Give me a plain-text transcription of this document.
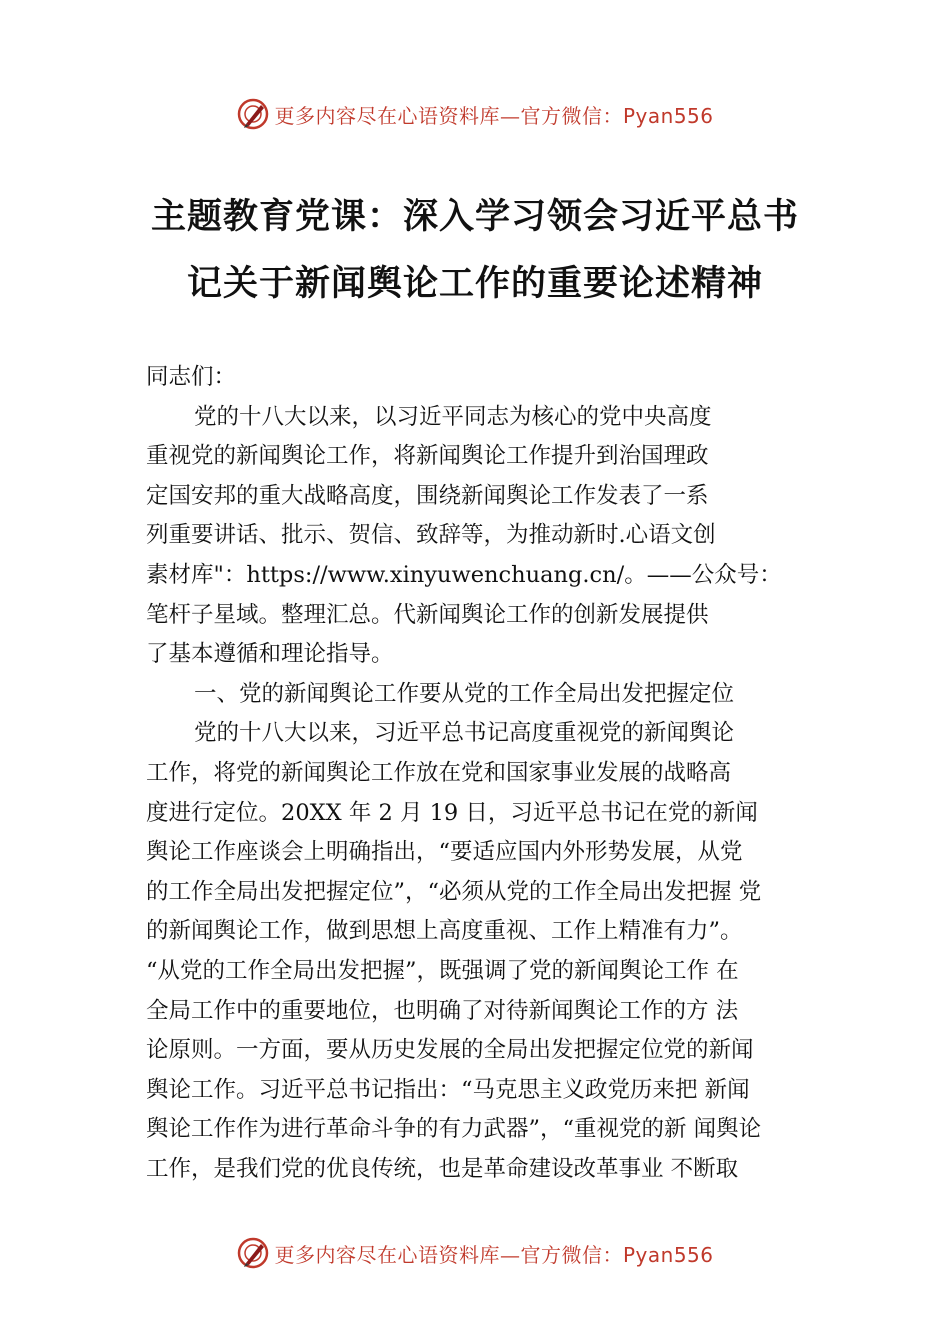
更多内容尽在心语资料库—官方微信：Pyan556
主题教育党课：深入学习领会习近平总书
记关于新闻舆论工作的重要论述精神
同志们：
党的十八大以来，以习近平同志为核心的党中央高度
重视党的新闻舆论工作，将新闻舆论工作提升到治国理政
定国安邦的重大战略高度，围绕新闻舆论工作发表了一系
列重要讲话、批示、贺信、致辞等，为推动新时.心语文创
素材库"：https://www.xinyuwenchuang.cn/。——公众号：
笔杆子星域。整理汇总。代新闻舆论工作的创新发展提供
了基本遵循和理论指导。
一、党的新闻舆论工作要从党的工作全局出发把握定位
党的十八大以来，习近平总书记高度重视党的新闻舆论
工作，将党的新闻舆论工作放在党和国家事业发展的战略高
度进行定位。20XX 年 2 月 19 日，习近平总书记在党的新闻
舆论工作座谈会上明确指出，“要适应国内外形势发展，从党
的工作全局出发把握定位”，“必须从党的工作全局出发把握 党
的新闻舆论工作，做到思想上高度重视、工作上精准有力”。
“从党的工作全局出发把握”，既强调了党的新闻舆论工作 在
全局工作中的重要地位，也明确了对待新闻舆论工作的方 法
论原则。一方面，要从历史发展的全局出发把握定位党的新闻
舆论工作。习近平总书记指出：“马克思主义政党历来把 新闻
舆论工作作为进行革命斗争的有力武器”，“重视党的新 闻舆论
工作，是我们党的优良传统，也是革命建设改革事业 不断取
更多内容尽在心语资料库—官方微信：Pyan556
